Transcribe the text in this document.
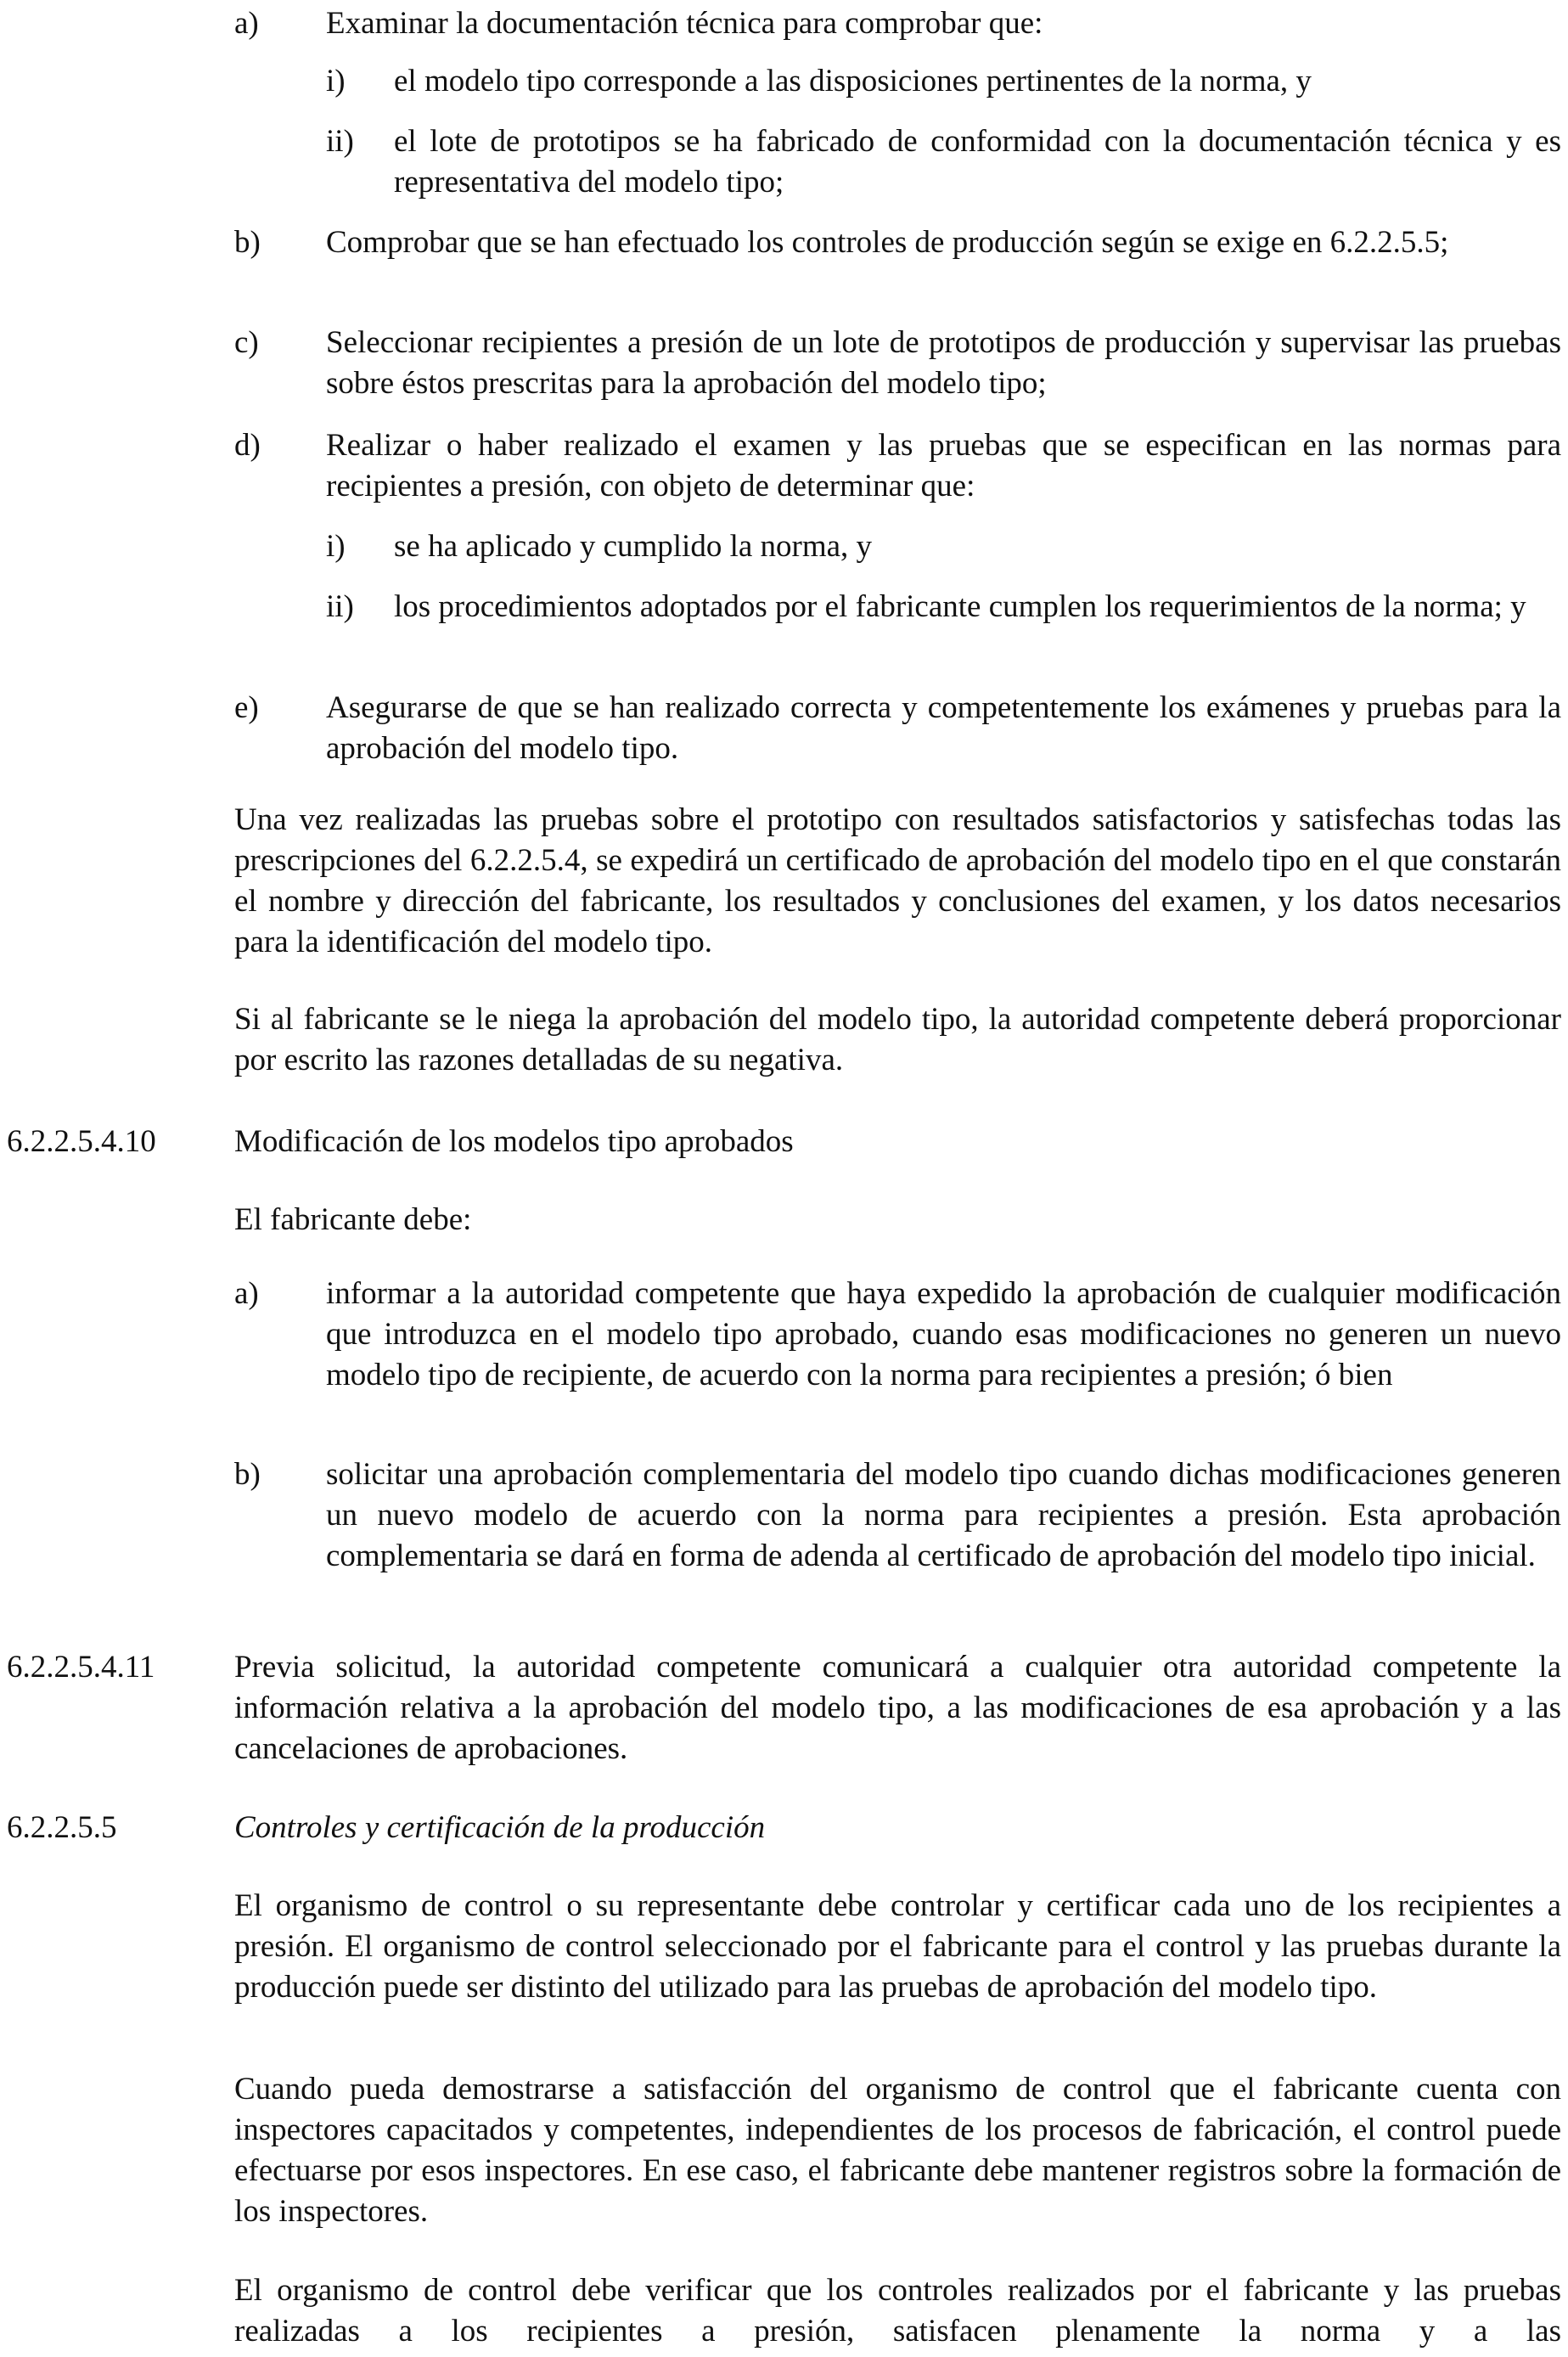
a) Examinar la documentación técnica para comprobar que:

i) el modelo tipo corresponde a las disposiciones pertinentes de la norma, y

ii) el lote de prototipos se ha fabricado de conformidad con la documentación técnica y es representativa del modelo tipo;

b) Comprobar que se han efectuado los controles de producción según se exige en 6.2.2.5.5;

c) Seleccionar recipientes a presión de un lote de prototipos de producción y supervisar las pruebas sobre éstos prescritas para la aprobación del modelo tipo;

d) Realizar o haber realizado el examen y las pruebas que se especifican en las normas para recipientes a presión, con objeto de determinar que:

i) se ha aplicado y cumplido la norma, y

ii) los procedimientos adoptados por el fabricante cumplen los requerimientos de la norma; y

e) Asegurarse de que se han realizado correcta y competentemente los exámenes y pruebas para la aprobación del modelo tipo.

Una vez realizadas las pruebas sobre el prototipo con resultados satisfactorios y satisfechas todas las prescripciones del 6.2.2.5.4, se expedirá un certificado de aprobación del modelo tipo en el que constarán el nombre y dirección del fabricante, los resultados y conclusiones del examen, y los datos necesarios para la identificación del modelo tipo.

Si al fabricante se le niega la aprobación del modelo tipo, la autoridad competente deberá proporcionar por escrito las razones detalladas de su negativa.

6.2.2.5.4.10 Modificación de los modelos tipo aprobados

El fabricante debe:

a) informar a la autoridad competente que haya expedido la aprobación de cualquier modificación que introduzca en el modelo tipo aprobado, cuando esas modificaciones no generen un nuevo modelo tipo de recipiente, de acuerdo con la norma para recipientes a presión; ó bien

b) solicitar una aprobación complementaria del modelo tipo cuando dichas modificaciones generen un nuevo modelo de acuerdo con la norma para recipientes a presión. Esta aprobación complementaria se dará en forma de adenda al certificado de aprobación del modelo tipo inicial.

6.2.2.5.4.11	Previa solicitud, la autoridad competente comunicará a cualquier otra autoridad competente la información relativa a la aprobación del modelo tipo, a las modificaciones de esa aprobación y a las cancelaciones de aprobaciones.

6.2.2.5.5	Controles y certificación de la producción

El organismo de control o su representante debe controlar y certificar cada uno de los recipientes a presión. El organismo de control seleccionado por el fabricante para el control y las pruebas durante la producción puede ser distinto del utilizado para las pruebas de aprobación del modelo tipo.

Cuando pueda demostrarse a satisfacción del organismo de control que el fabricante cuenta con inspectores capacitados y competentes, independientes de los procesos de fabricación, el control puede efectuarse por esos inspectores. En ese caso, el fabricante debe mantener registros sobre la formación de los inspectores.

El organismo de control debe verificar que los controles realizados por el fabricante y las pruebas realizadas a los recipientes a presión, satisfacen plenamente la norma y a las
